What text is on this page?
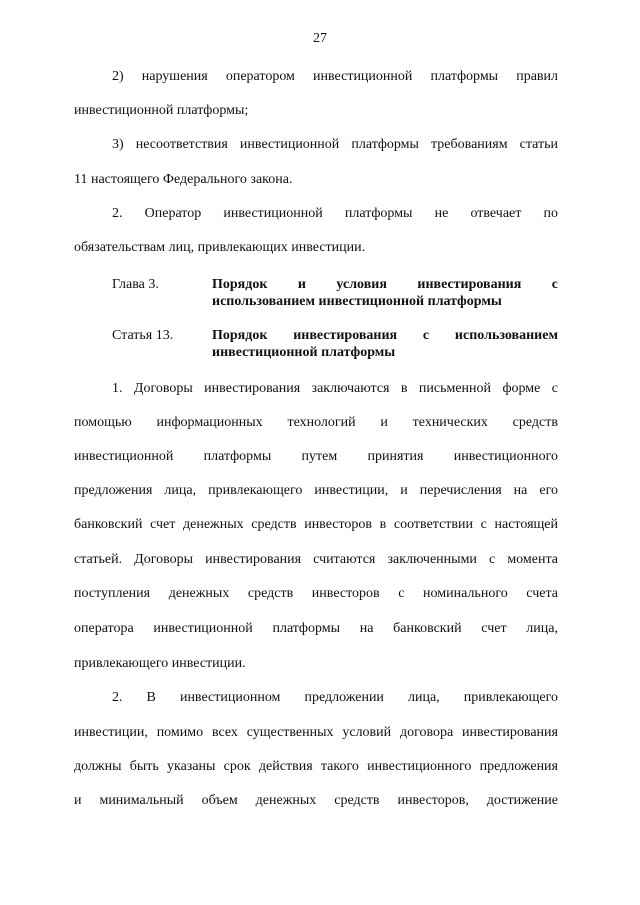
27
2) нарушения оператором инвестиционной платформы правил
инвестиционной платформы;
3) несоответствия инвестиционной платформы требованиям статьи
11 настоящего Федерального закона.
2. Оператор инвестиционной платформы не отвечает по
обязательствам лиц, привлекающих инвестиции.
Глава 3.	Порядок и условия инвестирования с
использованием инвестиционной платформы
Статья 13.	Порядок инвестирования с использованием
инвестиционной платформы
1. Договоры инвестирования заключаются в письменной форме с
помощью информационных технологий и технических средств
инвестиционной платформы путем принятия инвестиционного
предложения лица, привлекающего инвестиции, и перечисления на его
банковский счет денежных средств инвесторов в соответствии с настоящей
статьей. Договоры инвестирования считаются заключенными с момента
поступления денежных средств инвесторов с номинального счета
оператора инвестиционной платформы на банковский счет лица,
привлекающего инвестиции.
2. В инвестиционном предложении лица, привлекающего
инвестиции, помимо всех существенных условий договора инвестирования
должны быть указаны срок действия такого инвестиционного предложения
и минимальный объем денежных средств инвесторов, достижение
